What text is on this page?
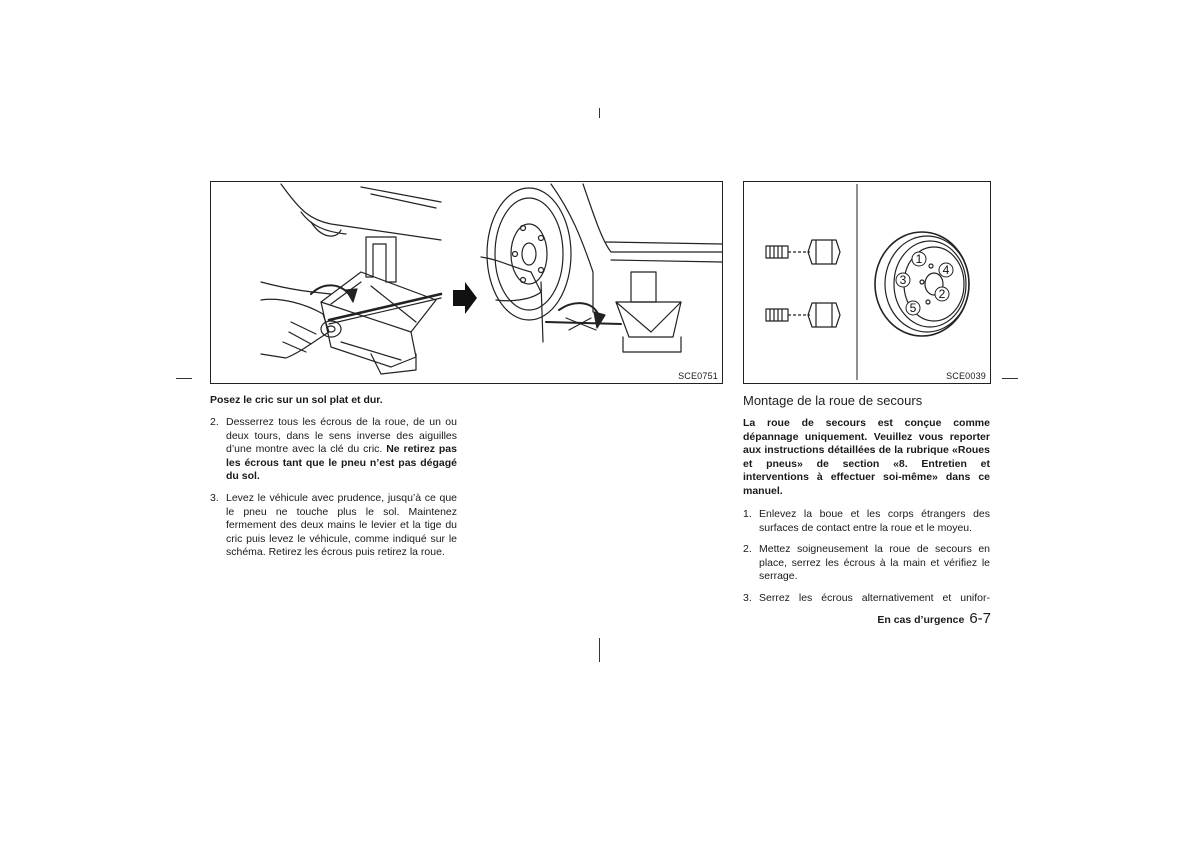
SCE0751
1
2
3
4
5
SCE0039
Posez le cric sur un sol plat et dur.
2. Desserrez tous les écrous de la roue, de un ou deux tours, dans le sens inverse des aiguilles d’une montre avec la clé du cric. Ne retirez pas les écrous tant que le pneu n’est pas dégagé du sol.
3. Levez le véhicule avec prudence, jusqu’à ce que le pneu ne touche plus le sol. Maintenez fermement des deux mains le levier et la tige du cric puis levez le véhicule, comme indiqué sur le schéma. Retirez les écrous puis retirez la roue.
Montage de la roue de secours
La roue de secours est conçue comme dépannage uniquement. Veuillez vous reporter aux instructions détaillées de la rubrique «Roues et pneus» de section «8. Entretien et interventions à effectuer soi-même» dans ce manuel.
1. Enlevez la boue et les corps étrangers des surfaces de contact entre la roue et le moyeu.
2. Mettez soigneusement la roue de secours en place, serrez les écrous à la main et vérifiez le serrage.
3. Serrez les écrous alternativement et unifor-
En cas d’urgence 6-7
